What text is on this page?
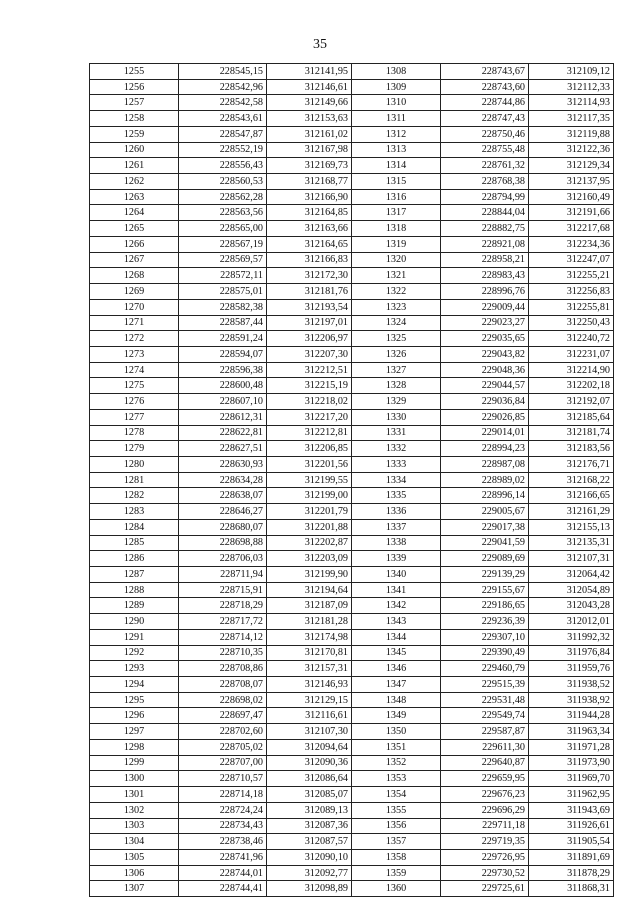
35
1255	228545,15	312141,95	1308	228743,67	312109,12
1256	228542,96	312146,61	1309	228743,60	312112,33
1257	228542,58	312149,66	1310	228744,86	312114,93
1258	228543,61	312153,63	1311	228747,43	312117,35
1259	228547,87	312161,02	1312	228750,46	312119,88
1260	228552,19	312167,98	1313	228755,48	312122,36
1261	228556,43	312169,73	1314	228761,32	312129,34
1262	228560,53	312168,77	1315	228768,38	312137,95
1263	228562,28	312166,90	1316	228794,99	312160,49
1264	228563,56	312164,85	1317	228844,04	312191,66
1265	228565,00	312163,66	1318	228882,75	312217,68
1266	228567,19	312164,65	1319	228921,08	312234,36
1267	228569,57	312166,83	1320	228958,21	312247,07
1268	228572,11	312172,30	1321	228983,43	312255,21
1269	228575,01	312181,76	1322	228996,76	312256,83
1270	228582,38	312193,54	1323	229009,44	312255,81
1271	228587,44	312197,01	1324	229023,27	312250,43
1272	228591,24	312206,97	1325	229035,65	312240,72
1273	228594,07	312207,30	1326	229043,82	312231,07
1274	228596,38	312212,51	1327	229048,36	312214,90
1275	228600,48	312215,19	1328	229044,57	312202,18
1276	228607,10	312218,02	1329	229036,84	312192,07
1277	228612,31	312217,20	1330	229026,85	312185,64
1278	228622,81	312212,81	1331	229014,01	312181,74
1279	228627,51	312206,85	1332	228994,23	312183,56
1280	228630,93	312201,56	1333	228987,08	312176,71
1281	228634,28	312199,55	1334	228989,02	312168,22
1282	228638,07	312199,00	1335	228996,14	312166,65
1283	228646,27	312201,79	1336	229005,67	312161,29
1284	228680,07	312201,88	1337	229017,38	312155,13
1285	228698,88	312202,87	1338	229041,59	312135,31
1286	228706,03	312203,09	1339	229089,69	312107,31
1287	228711,94	312199,90	1340	229139,29	312064,42
1288	228715,91	312194,64	1341	229155,67	312054,89
1289	228718,29	312187,09	1342	229186,65	312043,28
1290	228717,72	312181,28	1343	229236,39	312012,01
1291	228714,12	312174,98	1344	229307,10	311992,32
1292	228710,35	312170,81	1345	229390,49	311976,84
1293	228708,86	312157,31	1346	229460,79	311959,76
1294	228708,07	312146,93	1347	229515,39	311938,52
1295	228698,02	312129,15	1348	229531,48	311938,92
1296	228697,47	312116,61	1349	229549,74	311944,28
1297	228702,60	312107,30	1350	229587,87	311963,34
1298	228705,02	312094,64	1351	229611,30	311971,28
1299	228707,00	312090,36	1352	229640,87	311973,90
1300	228710,57	312086,64	1353	229659,95	311969,70
1301	228714,18	312085,07	1354	229676,23	311962,95
1302	228724,24	312089,13	1355	229696,29	311943,69
1303	228734,43	312087,36	1356	229711,18	311926,61
1304	228738,46	312087,57	1357	229719,35	311905,54
1305	228741,96	312090,10	1358	229726,95	311891,69
1306	228744,01	312092,77	1359	229730,52	311878,29
1307	228744,41	312098,89	1360	229725,61	311868,31
